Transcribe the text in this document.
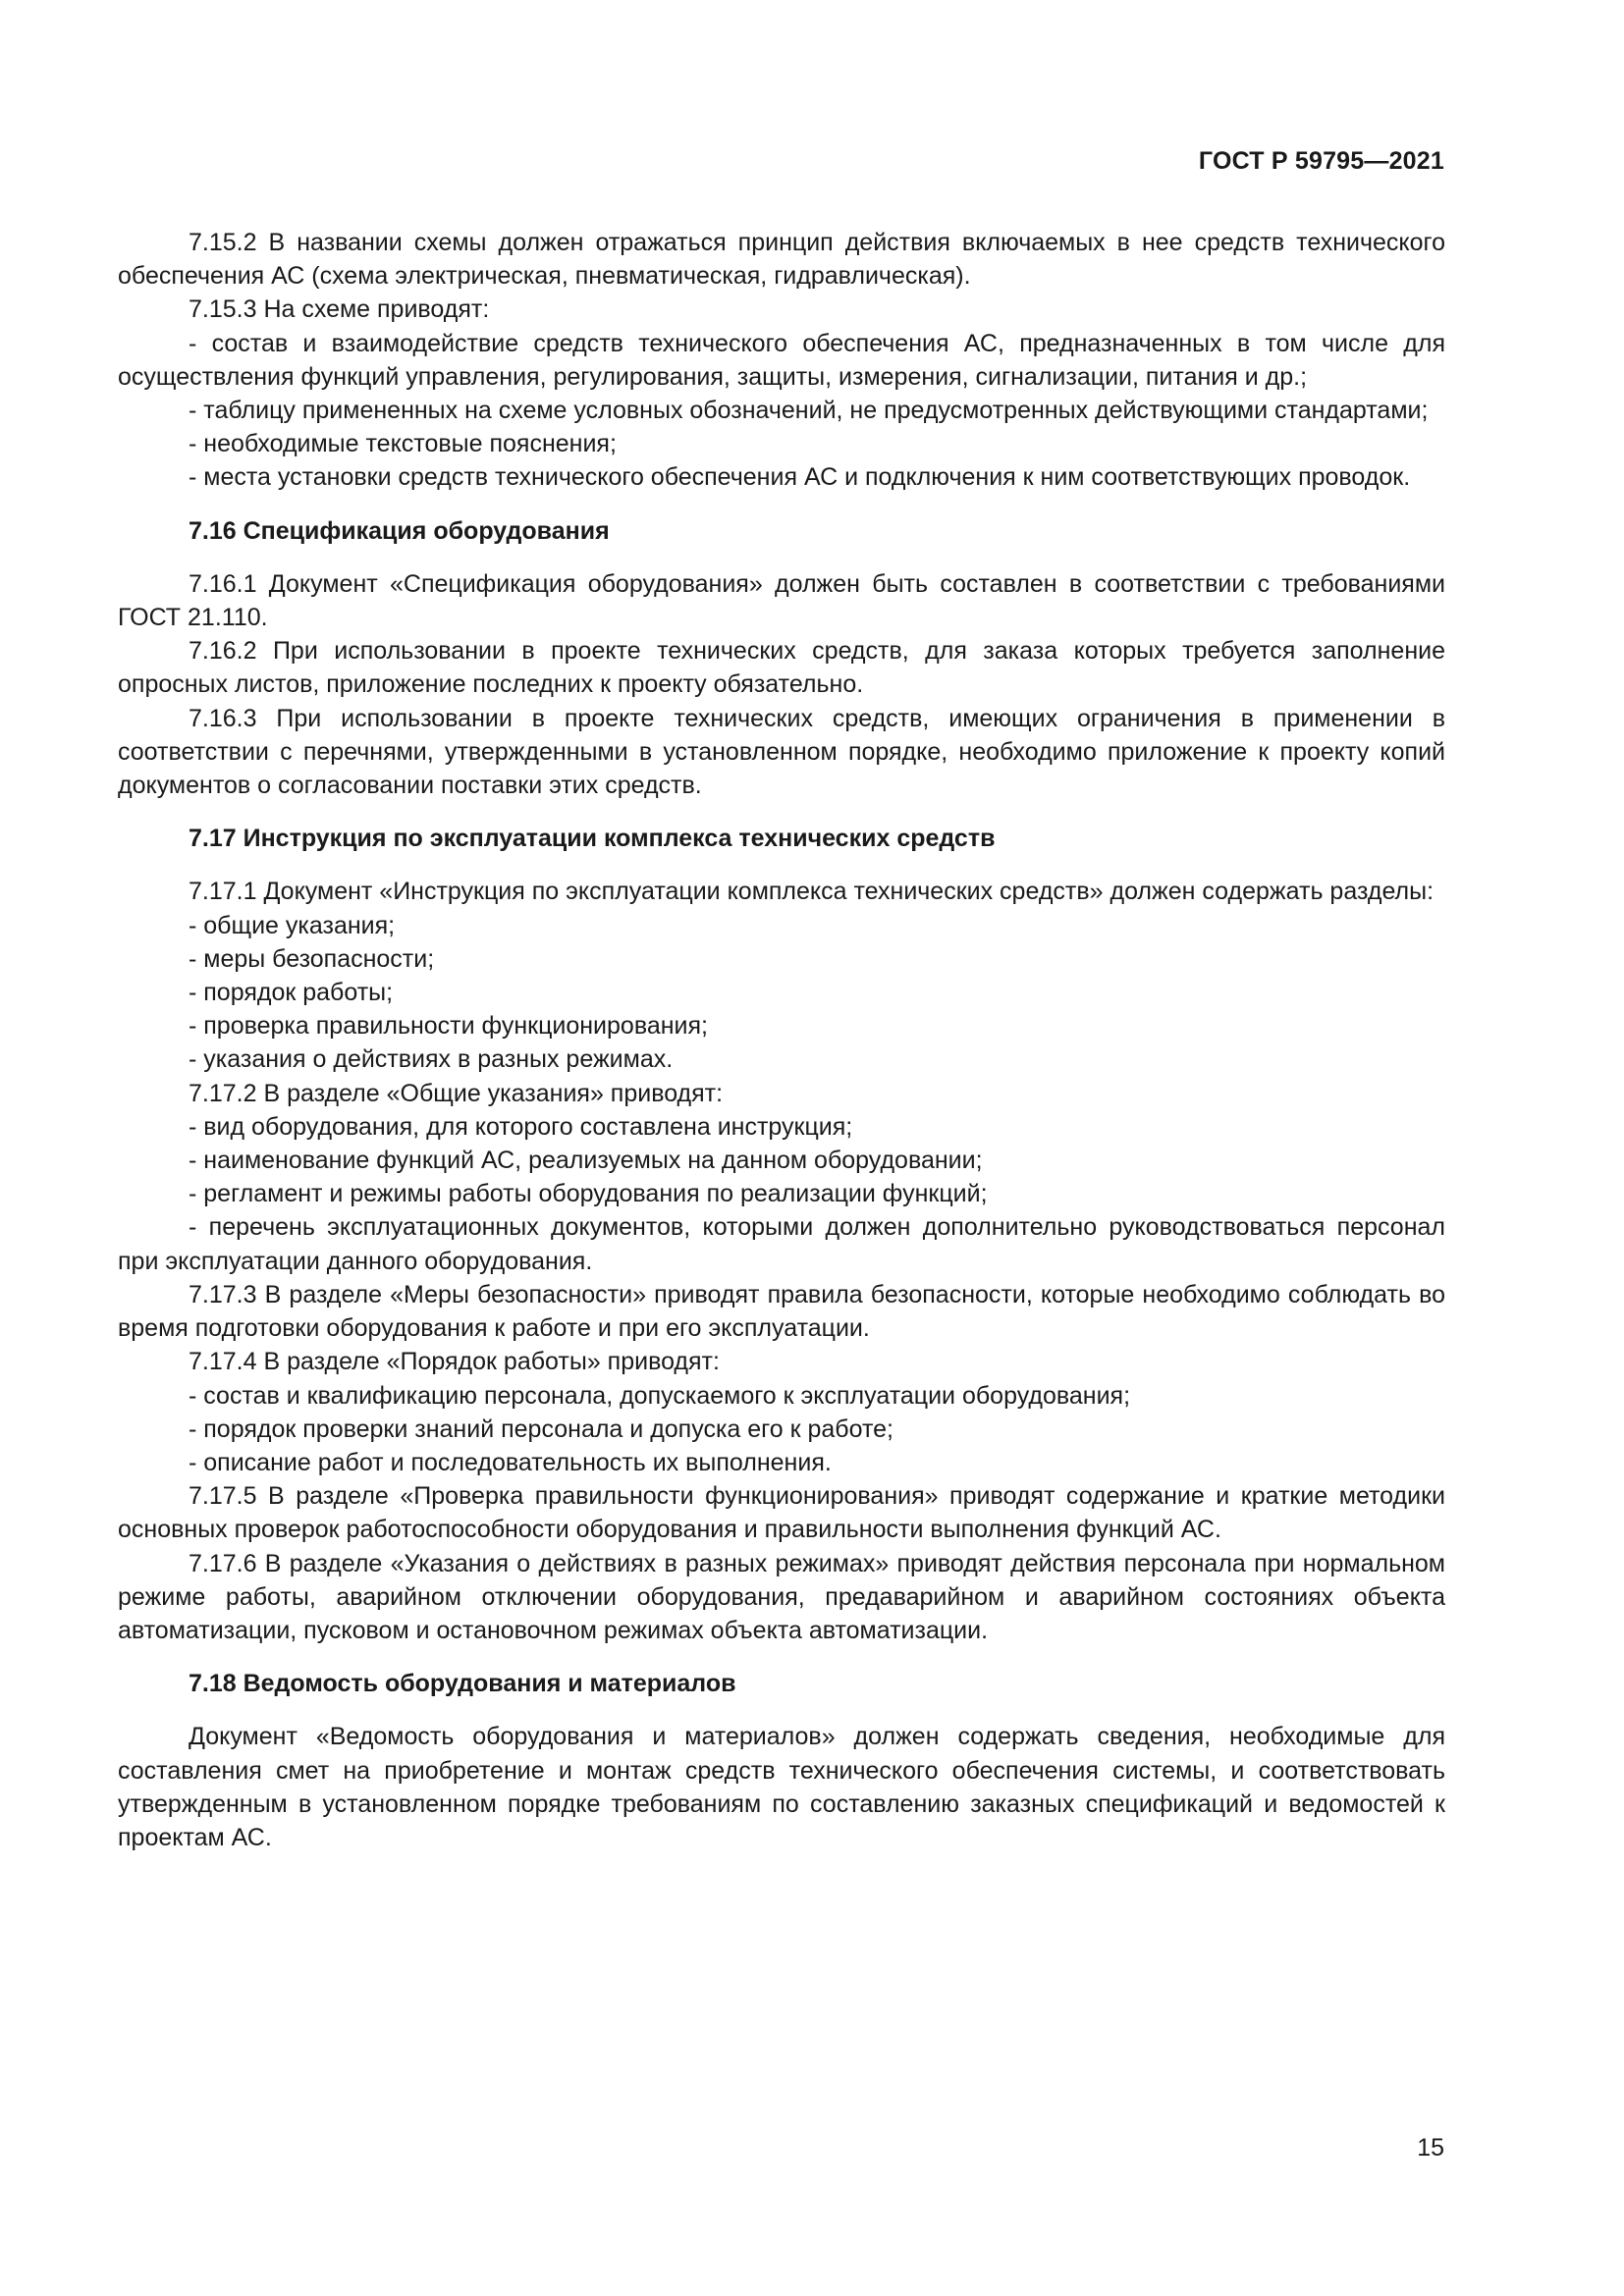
ГОСТ Р 59795—2021

7.15.2 В названии схемы должен отражаться принцип действия включаемых в нее средств технического обеспечения АС (схема электрическая, пневматическая, гидравлическая).

7.15.3 На схеме приводят:

- состав и взаимодействие средств технического обеспечения АС, предназначенных в том числе для осуществления функций управления, регулирования, защиты, измерения, сигнализации, питания и др.;

- таблицу примененных на схеме условных обозначений, не предусмотренных действующими стандартами;

- необходимые текстовые пояснения;

- места установки средств технического обеспечения АС и подключения к ним соответствующих проводок.

7.16 Спецификация оборудования

7.16.1 Документ «Спецификация оборудования» должен быть составлен в соответствии с требованиями ГОСТ 21.110.

7.16.2 При использовании в проекте технических средств, для заказа которых требуется заполнение опросных листов, приложение последних к проекту обязательно.

7.16.3 При использовании в проекте технических средств, имеющих ограничения в применении в соответствии с перечнями, утвержденными в установленном порядке, необходимо приложение к проекту копий документов о согласовании поставки этих средств.

7.17 Инструкция по эксплуатации комплекса технических средств

7.17.1 Документ «Инструкция по эксплуатации комплекса технических средств» должен содержать разделы:

- общие указания;

- меры безопасности;

- порядок работы;

- проверка правильности функционирования;

- указания о действиях в разных режимах.

7.17.2 В разделе «Общие указания» приводят:

- вид оборудования, для которого составлена инструкция;

- наименование функций АС, реализуемых на данном оборудовании;

- регламент и режимы работы оборудования по реализации функций;

- перечень эксплуатационных документов, которыми должен дополнительно руководствоваться персонал при эксплуатации данного оборудования.

7.17.3 В разделе «Меры безопасности» приводят правила безопасности, которые необходимо соблюдать во время подготовки оборудования к работе и при его эксплуатации.

7.17.4 В разделе «Порядок работы» приводят:

- состав и квалификацию персонала, допускаемого к эксплуатации оборудования;

- порядок проверки знаний персонала и допуска его к работе;

- описание работ и последовательность их выполнения.

7.17.5 В разделе «Проверка правильности функционирования» приводят содержание и краткие методики основных проверок работоспособности оборудования и правильности выполнения функций АС.

7.17.6 В разделе «Указания о действиях в разных режимах» приводят действия персонала при нормальном режиме работы, аварийном отключении оборудования, предаварийном и аварийном состояниях объекта автоматизации, пусковом и остановочном режимах объекта автоматизации.

7.18 Ведомость оборудования и материалов

Документ «Ведомость оборудования и материалов» должен содержать сведения, необходимые для составления смет на приобретение и монтаж средств технического обеспечения системы, и соответствовать утвержденным в установленном порядке требованиям по составлению заказных спецификаций и ведомостей к проектам АС.

15
